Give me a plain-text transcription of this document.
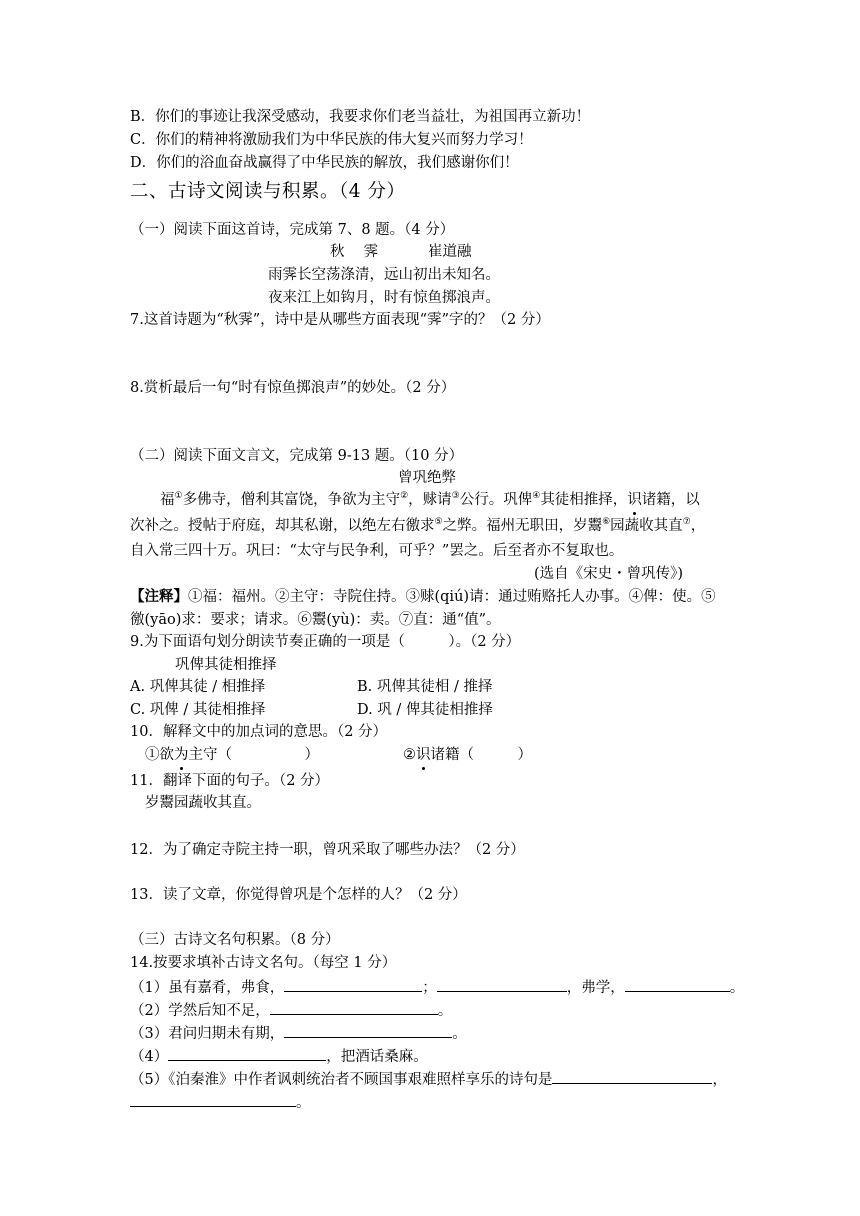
B．你们的事迹让我深受感动，我要求你们老当益壮，为祖国再立新功！
C．你们的精神将激励我们为中华民族的伟大复兴而努力学习！
D．你们的浴血奋战赢得了中华民族的解放，我们感谢你们！
二、古诗文阅读与积累。（4 分）
（一）阅读下面这首诗，完成第 7、8 题。（4 分）
秋　 霁	崔道融
雨霁长空荡涤清，远山初出未知名。
夜来江上如钩月，时有惊鱼掷浪声。
7.这首诗题为“秋霁”，诗中是从哪些方面表现“霁”字的？（2 分）
8.赏析最后一句“时有惊鱼掷浪声”的妙处。（2 分）
（二）阅读下面文言文，完成第 9-13 题。（10 分）
曾巩绝弊
福①多佛寺，僧利其富饶，争欲为主守②，赇请③公行。巩俾④其徒相推择，识诸籍，以
次补之。授帖于府庭，却其私谢，以绝左右徼求⑤之弊。福州无职田，岁鬻⑥园蔬收其直⑦，
自入常三四十万。巩曰：“太守与民争利，可乎？”罢之。后至者亦不复取也。
(选自《宋史・曾巩传》)
【注释】①福：福州。②主守：寺院住持。③赇(qiú)请：通过贿赂托人办事。④俾：使。⑤
徼(yāo)求：要求；请求。⑥鬻(yù)：卖。⑦直：通“值”。
9.为下面语句划分朗读节奏正确的一项是（　　　）。（2 分）
巩俾其徒相推择
A. 巩俾其徒 / 相推择	B. 巩俾其徒相 / 推择
C. 巩俾 / 其徒相推择	D. 巩 / 俾其徒相推择
10．解释文中的加点词的意思。（2 分）
①欲为主守（　　　　　）	②识诸籍（　　　）
11．翻译下面的句子。（2 分）
岁鬻园蔬收其直。
12．为了确定寺院主持一职，曾巩采取了哪些办法？（2 分）
13．读了文章，你觉得曾巩是个怎样的人？（2 分）
（三）古诗文名句积累。（8 分）
14.按要求填补古诗文名句。（每空 1 分）
（1）虽有嘉肴，弗食，	；	，弗学，	。
（2）学然后知不足，	。
（3）君问归期未有期，	。
（4）	，把酒话桑麻。
（5）《泊秦淮》中作者讽刺统治者不顾国事艰难照样享乐的诗句是	，
。
